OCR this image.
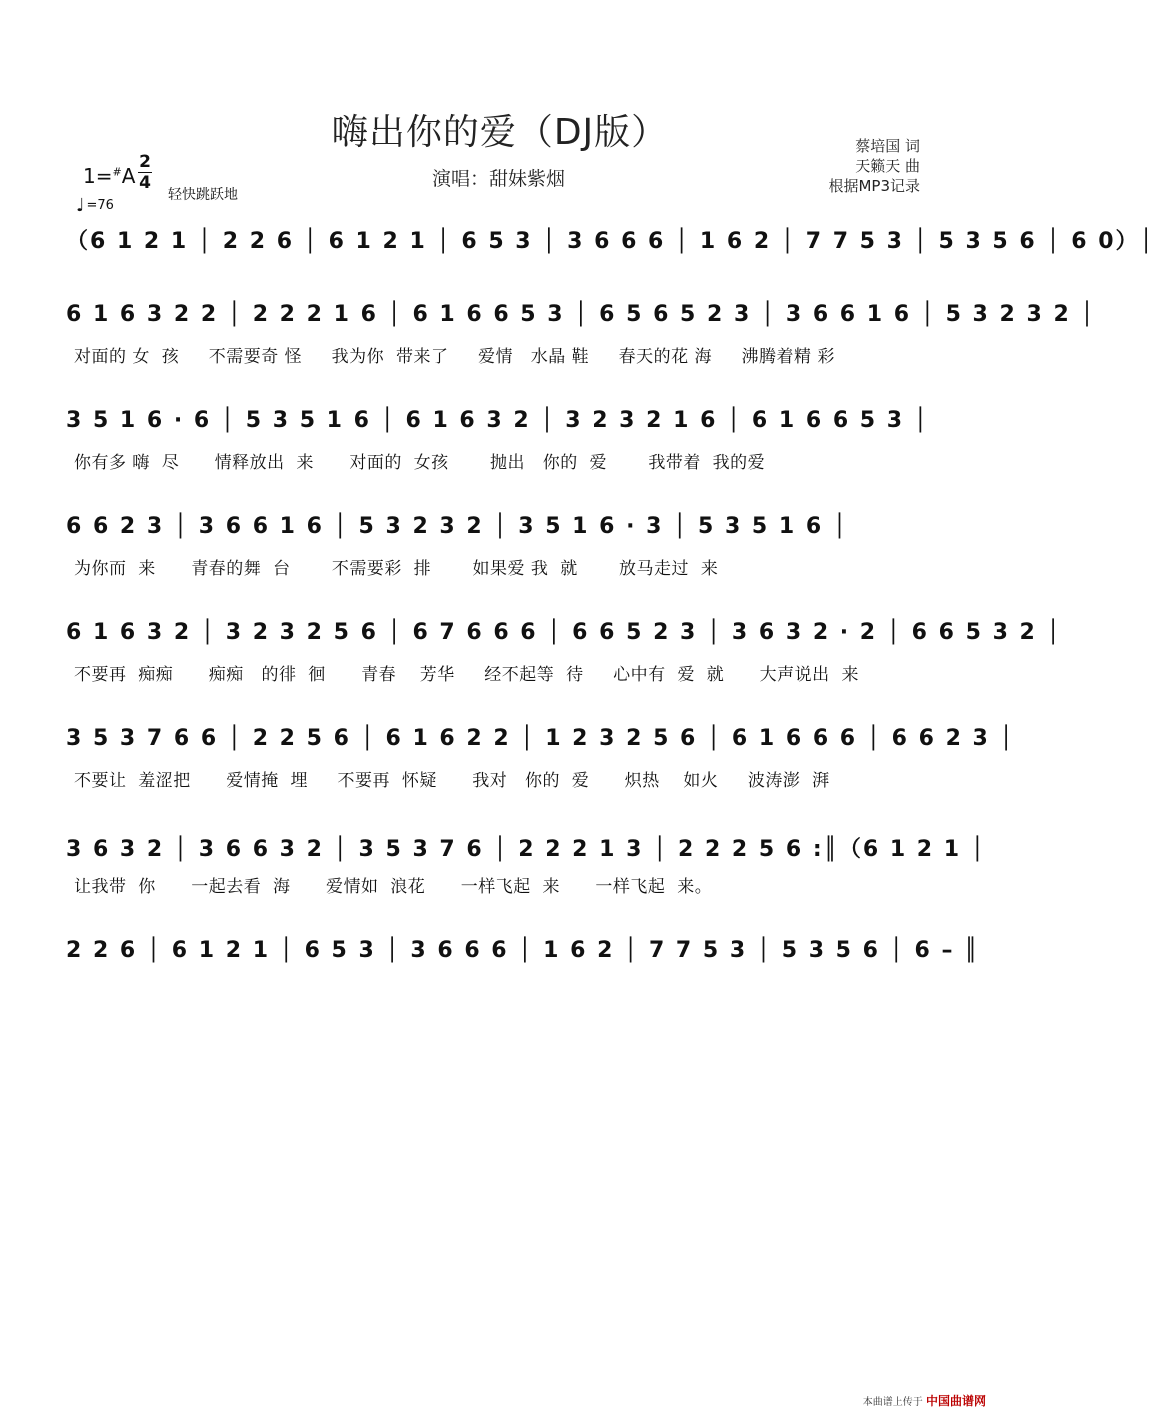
嗨出你的爱（DJ版）	蔡培国 词
天籁天 曲
根据MP3记录
演唱：甜妹紫烟
1=#A
2
4
轻快跳跃地
♩ =76
（6 1 2 1 │ 2 2 6 │ 6 1 2 1 │ 6 5 3 │ 3 6 6 6 │ 1 6 2 │ 7 7 5 3 │ 5 3 5 6 │ 6 0）│
6 1 6 3 2 2 │ 2 2 2 1 6 │ 6 1 6 6 5 3 │ 6 5 6 5 2 3 │ 3 6 6 1 6 │ 5 3 2 3 2 │
对面的 女  孩     不需要奇 怪     我为你  带来了     爱情   水晶 鞋     春天的花 海     沸腾着精 彩
3 5 1 6 · 6 │ 5 3 5 1 6 │ 6 1 6 3 2 │ 3 2 3 2 1 6 │ 6 1 6 6 5 3 │
你有多 嗨  尽      情释放出  来      对面的  女孩       抛出   你的  爱       我带着  我的爱
6 6 2 3 │ 3 6 6 1 6 │ 5 3 2 3 2 │ 3 5 1 6 · 3 │ 5 3 5 1 6 │
为你而  来      青春的舞  台       不需要彩  排       如果爱 我  就       放马走过  来
6 1 6 3 2 │ 3 2 3 2 5 6 │ 6 7 6 6 6 │ 6 6 5 2 3 │ 3 6 3 2 · 2 │ 6 6 5 3 2 │
不要再  痴痴      痴痴   的徘  徊      青春    芳华     经不起等  待     心中有  爱  就      大声说出  来
3 5 3 7 6 6 │ 2 2 5 6 │ 6 1 6 2 2 │ 1 2 3 2 5 6 │ 6 1 6 6 6 │ 6 6 2 3 │
不要让  羞涩把      爱情掩  埋     不要再  怀疑      我对   你的  爱      炽热    如火     波涛澎  湃
3 6 3 2 │ 3 6 6 3 2 │ 3 5 3 7 6 │ 2 2 2 1 3 │ 2 2 2 5 6 :║（6 1 2 1 │
让我带  你      一起去看  海      爱情如  浪花      一样飞起  来      一样飞起  来。
2 2 6 │ 6 1 2 1 │ 6 5 3 │ 3 6 6 6 │ 1 6 2 │ 7 7 5 3 │ 5 3 5 6 │ 6 – ║
本曲谱上传于 中国曲谱网
